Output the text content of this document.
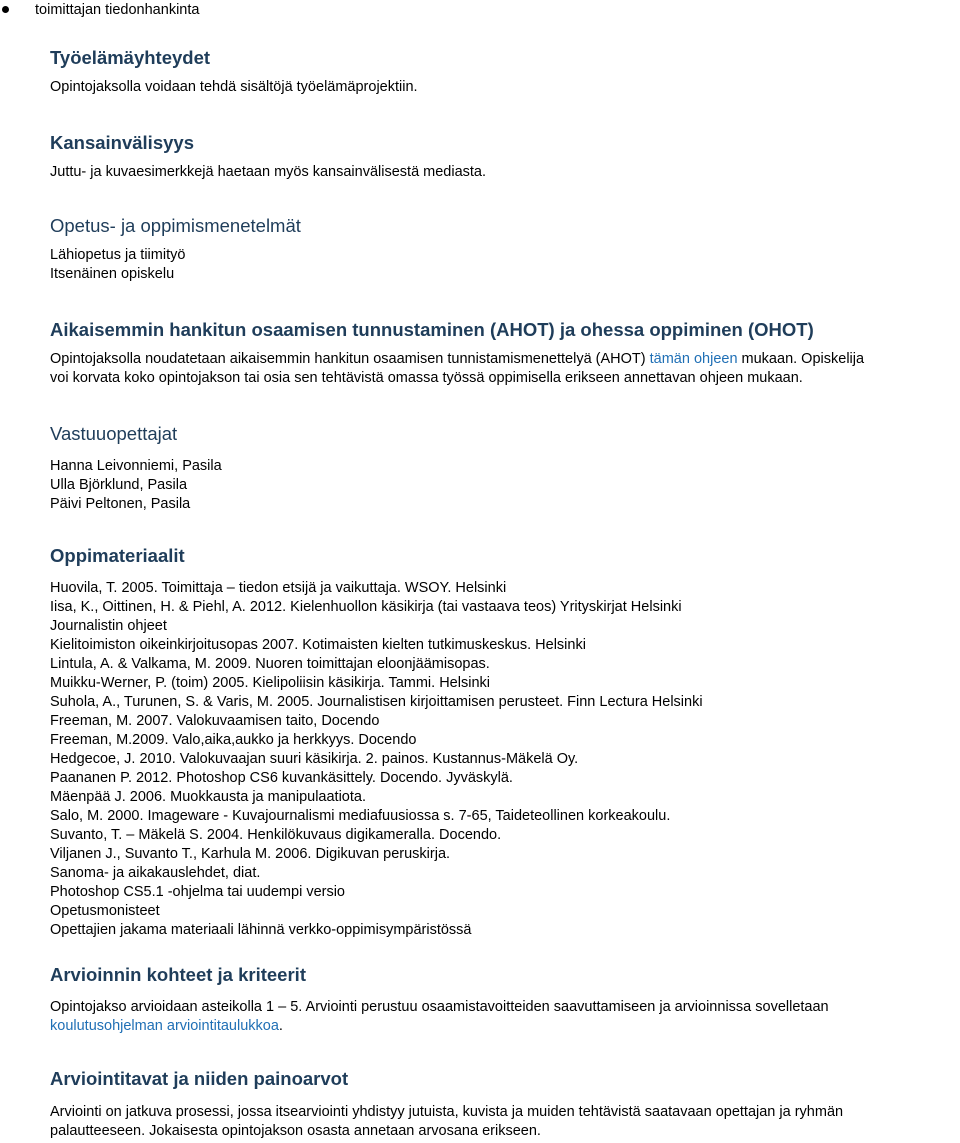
toimittajan tiedonhankinta
Työelämäyhteydet

Opintojaksolla voidaan tehdä sisältöjä työelämäprojektiin.

Kansainvälisyys

Juttu- ja kuvaesimerkkejä haetaan myös kansainvälisestä mediasta.

Opetus- ja oppimismenetelmät

Lähiopetus ja tiimityö

Itsenäinen opiskelu

Aikaisemmin hankitun osaamisen tunnustaminen (AHOT) ja ohessa oppiminen (OHOT)

Opintojaksolla noudatetaan aikaisemmin hankitun osaamisen tunnistamismenettelyä (AHOT) tämän ohjeen mukaan. Opiskelija

voi korvata koko opintojakson tai osia sen tehtävistä omassa työssä oppimisella erikseen annettavan ohjeen mukaan.

Vastuuopettajat

Hanna Leivonniemi, Pasila

Ulla Björklund, Pasila

Päivi Peltonen, Pasila

Oppimateriaalit

Huovila, T. 2005. Toimittaja – tiedon etsijä ja vaikuttaja. WSOY. Helsinki

Iisa, K., Oittinen, H. & Piehl, A. 2012. Kielenhuollon käsikirja (tai vastaava teos) Yrityskirjat Helsinki

Journalistin ohjeet

Kielitoimiston oikeinkirjoitusopas 2007. Kotimaisten kielten tutkimuskeskus. Helsinki

Lintula, A. & Valkama, M. 2009. Nuoren toimittajan eloonjäämisopas.

Muikku-Werner, P. (toim) 2005. Kielipoliisin käsikirja. Tammi. Helsinki

Suhola, A., Turunen, S. & Varis, M. 2005. Journalistisen kirjoittamisen perusteet. Finn Lectura Helsinki

Freeman, M. 2007. Valokuvaamisen taito, Docendo

Freeman, M.2009. Valo,aika,aukko ja herkkyys. Docendo

Hedgecoe, J. 2010. Valokuvaajan suuri käsikirja. 2. painos. Kustannus-Mäkelä Oy.

Paananen P. 2012. Photoshop CS6 kuvankäsittely. Docendo. Jyväskylä.

Mäenpää J. 2006. Muokkausta ja manipulaatiota.

Salo, M. 2000. Imageware - Kuvajournalismi mediafuusiossa s. 7-65, Taideteollinen korkeakoulu.

Suvanto, T. – Mäkelä S. 2004. Henkilökuvaus digikameralla. Docendo.

Viljanen J., Suvanto T., Karhula M. 2006. Digikuvan peruskirja.

Sanoma- ja aikakauslehdet, diat.

Photoshop CS5.1 -ohjelma tai uudempi versio

Opetusmonisteet

Opettajien jakama materiaali lähinnä verkko-oppimisympäristössä

Arvioinnin kohteet ja kriteerit

Opintojakso arvioidaan asteikolla 1 – 5. Arviointi perustuu osaamistavoitteiden saavuttamiseen ja arvioinnissa sovelletaan

koulutusohjelman arviointitaulukkoa.

Arviointitavat ja niiden painoarvot

Arviointi on jatkuva prosessi, jossa itsearviointi yhdistyy jutuista, kuvista ja muiden tehtävistä saatavaan opettajan ja ryhmän

palautteeseen. Jokaisesta opintojakson osasta annetaan arvosana erikseen.
